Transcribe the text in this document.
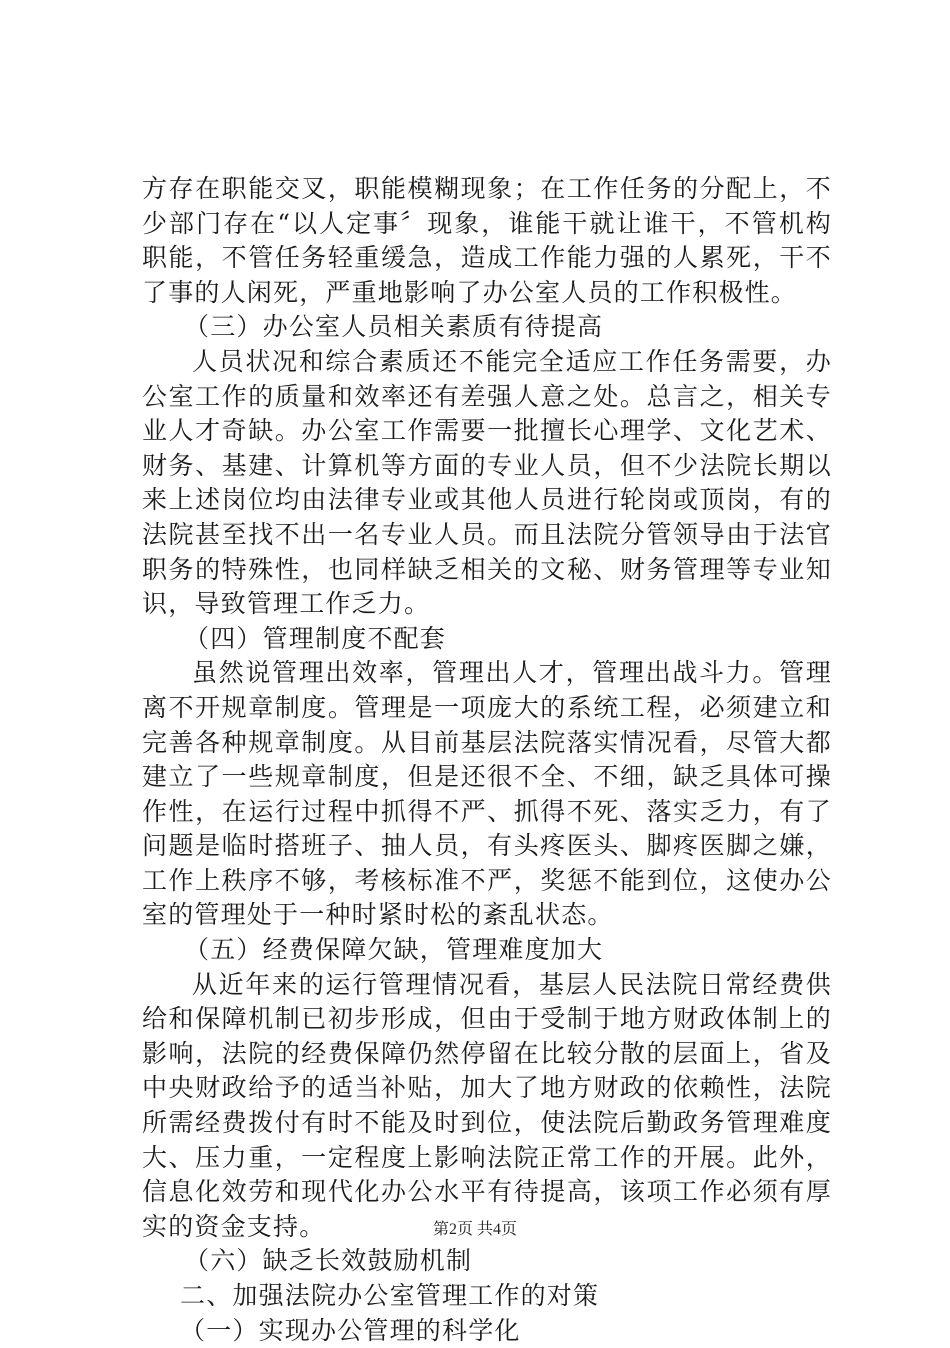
方存在职能交叉，职能模糊现象；在工作任务的分配上，不少部门存在“以人定事〞现象，谁能干就让谁干，不管机构职能，不管任务轻重缓急，造成工作能力强的人累死，干不了事的人闲死，严重地影响了办公室人员的工作积极性。

（三）办公室人员相关素质有待提高

人员状况和综合素质还不能完全适应工作任务需要，办公室工作的质量和效率还有差强人意之处。总言之，相关专业人才奇缺。办公室工作需要一批擅长心理学、文化艺术、财务、基建、计算机等方面的专业人员，但不少法院长期以来上述岗位均由法律专业或其他人员进行轮岗或顶岗，有的法院甚至找不出一名专业人员。而且法院分管领导由于法官职务的特殊性，也同样缺乏相关的文秘、财务管理等专业知识，导致管理工作乏力。

（四）管理制度不配套

虽然说管理出效率，管理出人才，管理出战斗力。管理离不开规章制度。管理是一项庞大的系统工程，必须建立和完善各种规章制度。从目前基层法院落实情况看，尽管大都建立了一些规章制度，但是还很不全、不细，缺乏具体可操作性，在运行过程中抓得不严、抓得不死、落实乏力，有了问题是临时搭班子、抽人员，有头疼医头、脚疼医脚之嫌，工作上秩序不够，考核标准不严，奖惩不能到位，这使办公室的管理处于一种时紧时松的紊乱状态。

（五）经费保障欠缺，管理难度加大

从近年来的运行管理情况看，基层人民法院日常经费供给和保障机制已初步形成，但由于受制于地方财政体制上的影响，法院的经费保障仍然停留在比较分散的层面上，省及中央财政给予的适当补贴，加大了地方财政的依赖性，法院所需经费拨付有时不能及时到位，使法院后勤政务管理难度大、压力重，一定程度上影响法院正常工作的开展。此外，信息化效劳和现代化办公水平有待提高，该项工作必须有厚实的资金支持。

（六）缺乏长效鼓励机制

二、加强法院办公室管理工作的对策

（一）实现办公管理的科学化

第2页 共4页
